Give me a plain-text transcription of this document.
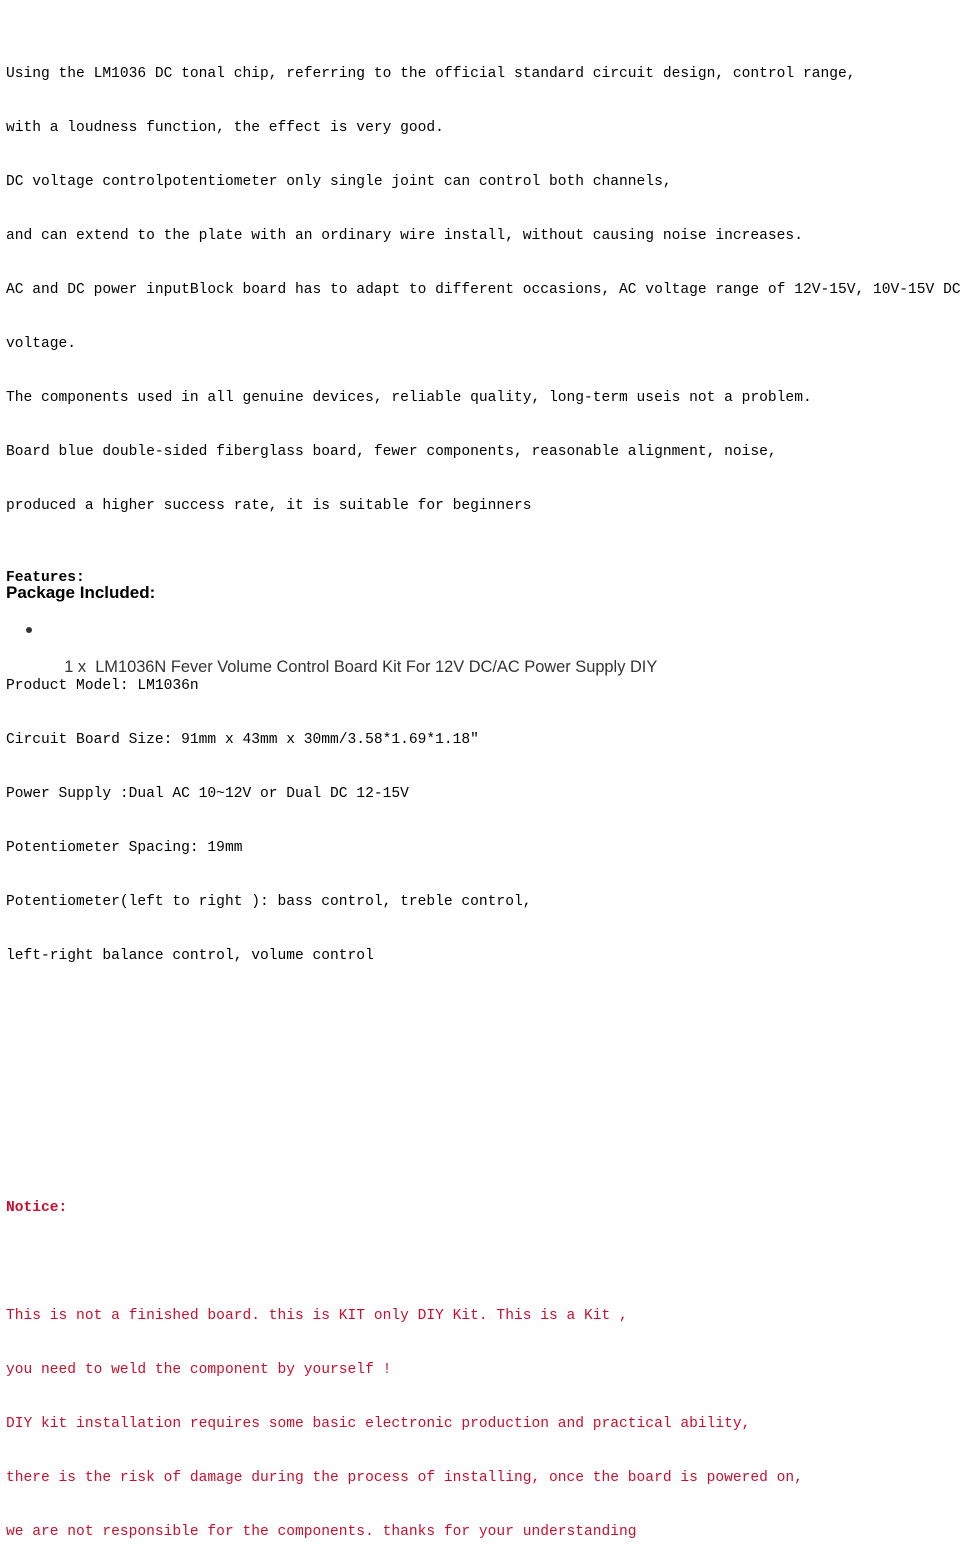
Using the LM1036 DC tonal chip, referring to the official standard circuit design, control range,

with a loudness function, the effect is very good.

DC voltage controlpotentiometer only single joint can control both channels,

and can extend to the plate with an ordinary wire install, without causing noise increases.

AC and DC power inputBlock board has to adapt to different occasions, AC voltage range of 12V-15V, 10V-15V DC

voltage.

The components used in all genuine devices, reliable quality, long-term useis not a problem.

Board blue double-sided fiberglass board, fewer components, reasonable alignment, noise,

produced a higher success rate, it is suitable for beginners

Features:

Product Model: LM1036n

Circuit Board Size: 91mm x 43mm x 30mm/3.58*1.69*1.18"

Power Supply :Dual AC 10~12V or Dual DC 12-15V

Potentiometer Spacing: 19mm

Potentiometer(left to right ): bass control, treble control,

left-right balance control, volume control

Notice:

This is not a finished board. this is KIT only DIY Kit. This is a Kit ,

you need to weld the component by yourself !

DIY kit installation requires some basic electronic production and practical ability,

there is the risk of damage during the process of installing, once the board is powered on,

we are not responsible for the components. thanks for your understanding

Package Included:

1 x  LM1036N Fever Volume Control Board Kit For 12V DC/AC Power Supply DIY
